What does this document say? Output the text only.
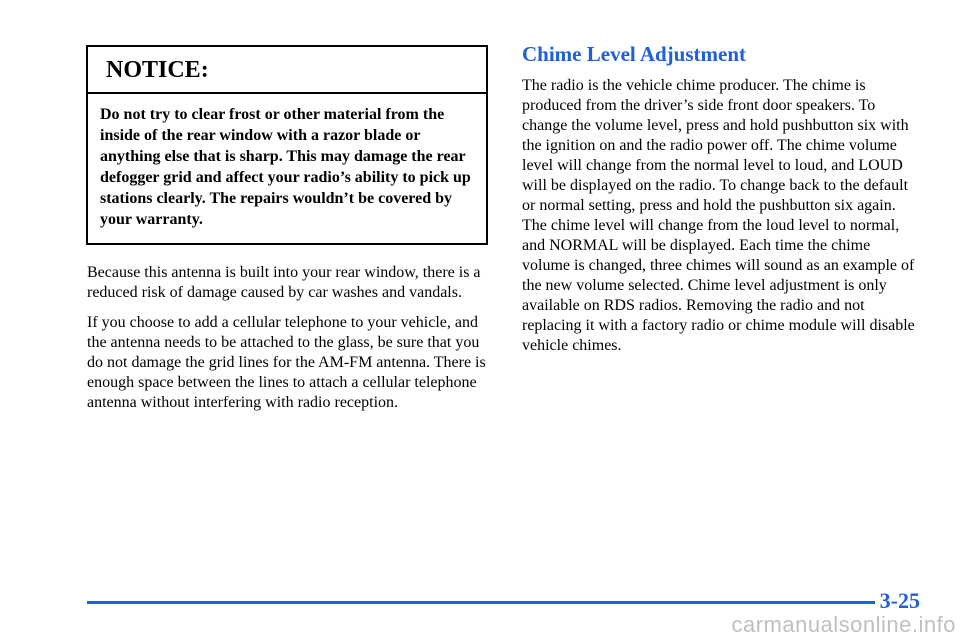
NOTICE:
Do not try to clear frost or other material from the inside of the rear window with a razor blade or anything else that is sharp. This may damage the rear defogger grid and affect your radio’s ability to pick up stations clearly. The repairs wouldn’t be covered by your warranty.

Because this antenna is built into your rear window, there is a reduced risk of damage caused by car washes and vandals.

If you choose to add a cellular telephone to your vehicle, and the antenna needs to be attached to the glass, be sure that you do not damage the grid lines for the AM‐FM antenna. There is enough space between the lines to attach a cellular telephone antenna without interfering with radio reception.

Chime Level Adjustment

The radio is the vehicle chime producer. The chime is produced from the driver’s side front door speakers. To change the volume level, press and hold pushbutton six with the ignition on and the radio power off. The chime volume level will change from the normal level to loud, and LOUD will be displayed on the radio. To change back to the default or normal setting, press and hold the pushbutton six again. The chime level will change from the loud level to normal, and NORMAL will be displayed. Each time the chime volume is changed, three chimes will sound as an example of the new volume selected. Chime level adjustment is only available on RDS radios. Removing the radio and not replacing it with a factory radio or chime module will disable vehicle chimes.

3-25
carmanualsonline.info
